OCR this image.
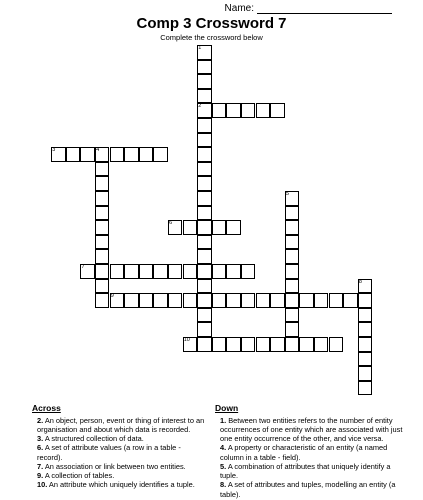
Name:
Comp 3 Crossword 7
Complete the crossword below
1
2
3	4
5
6
7
8
9
10
Across
2. An object, person, event or thing of interest to an organisation and about which data is recorded.
3. A structured collection of data.
6. A set of attribute values (a row in a table - record).
7. An association or link between two entities.
9. A collection of tables.
10. An attribute which uniquely identifies a tuple.
Down
1. Between two entities refers to the number of entity occurrences of one entity which are associated with just one entity occurrence of the other, and vice versa.
4. A property or characteristic of an entity (a named column in a table - field).
5. A combination of attributes that uniquely identify a tuple.
8. A set of attributes and tuples, modelling an entity (a table).
